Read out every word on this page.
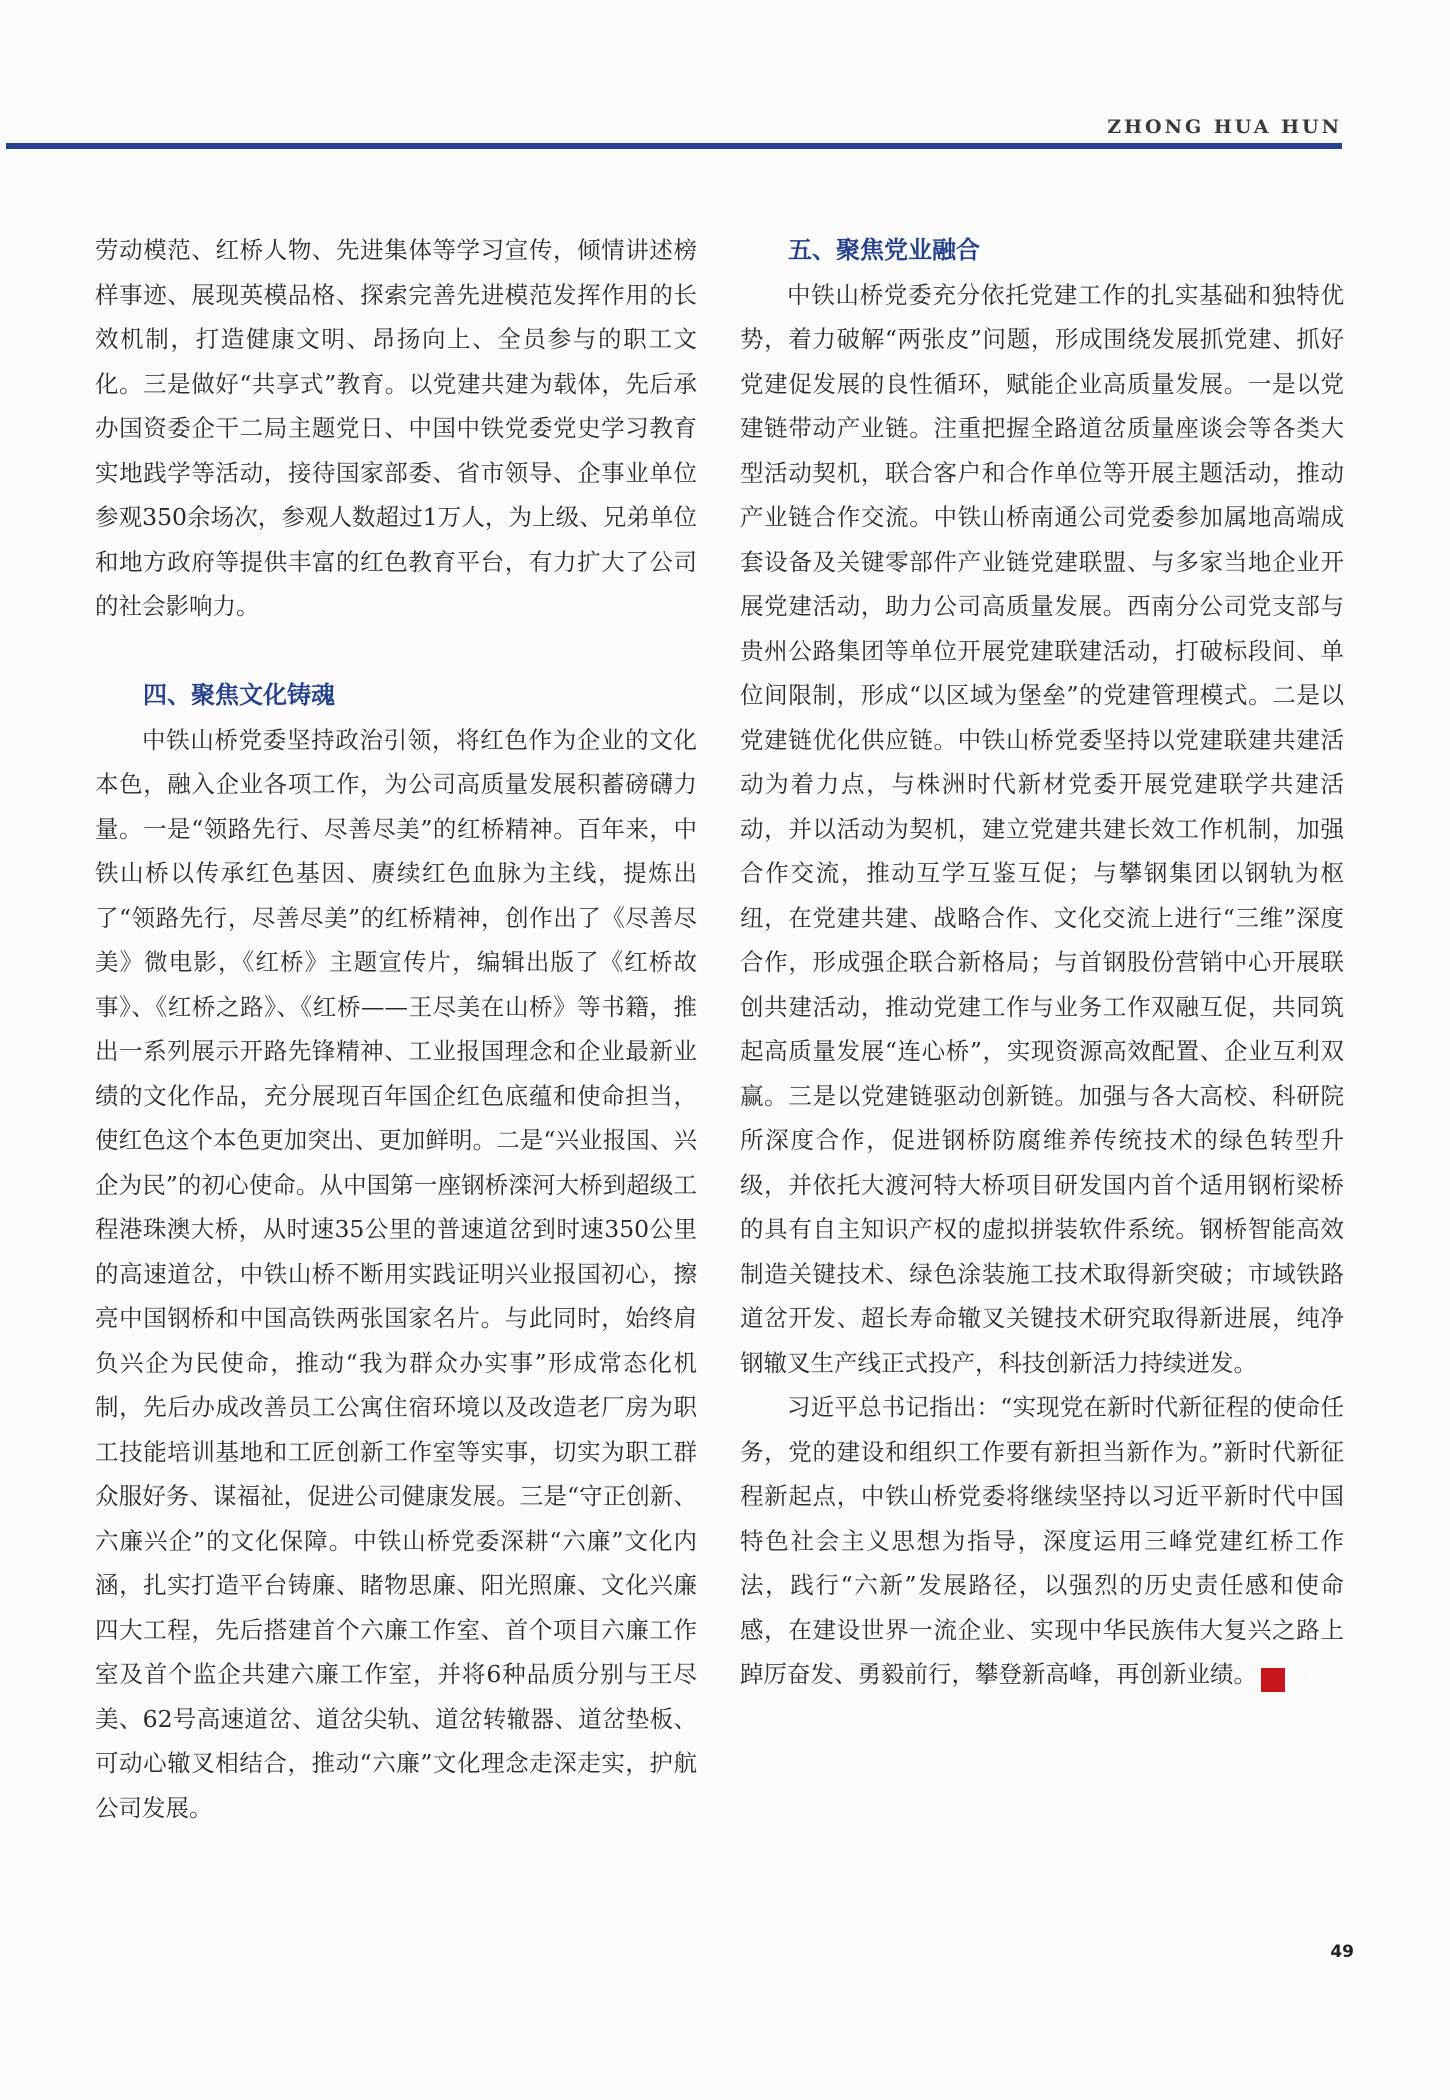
ZHONG HUA HUN

劳动模范、红桥人物、先进集体等学习宣传，倾情讲述榜样事迹、展现英模品格、探索完善先进模范发挥作用的长效机制，打造健康文明、昂扬向上、全员参与的职工文化。三是做好“共享式”教育。以党建共建为载体，先后承办国资委企干二局主题党日、中国中铁党委党史学习教育实地践学等活动，接待国家部委、省市领导、企事业单位参观350余场次，参观人数超过1万人，为上级、兄弟单位和地方政府等提供丰富的红色教育平台，有力扩大了公司的社会影响力。

四、聚焦文化铸魂

中铁山桥党委坚持政治引领，将红色作为企业的文化本色，融入企业各项工作，为公司高质量发展积蓄磅礴力量。一是“领路先行、尽善尽美”的红桥精神。百年来，中铁山桥以传承红色基因、赓续红色血脉为主线，提炼出了“领路先行，尽善尽美”的红桥精神，创作出了《尽善尽美》微电影，《红桥》主题宣传片，编辑出版了《红桥故事》、《红桥之路》、《红桥——王尽美在山桥》等书籍，推出一系列展示开路先锋精神、工业报国理念和企业最新业绩的文化作品，充分展现百年国企红色底蕴和使命担当，使红色这个本色更加突出、更加鲜明。二是“兴业报国、兴企为民”的初心使命。从中国第一座钢桥滦河大桥到超级工程港珠澳大桥，从时速35公里的普速道岔到时速350公里的高速道岔，中铁山桥不断用实践证明兴业报国初心，擦亮中国钢桥和中国高铁两张国家名片。与此同时，始终肩负兴企为民使命，推动“我为群众办实事”形成常态化机制，先后办成改善员工公寓住宿环境以及改造老厂房为职工技能培训基地和工匠创新工作室等实事，切实为职工群众服好务、谋福祉，促进公司健康发展。三是“守正创新、六廉兴企”的文化保障。中铁山桥党委深耕“六廉”文化内涵，扎实打造平台铸廉、睹物思廉、阳光照廉、文化兴廉四大工程，先后搭建首个六廉工作室、首个项目六廉工作室及首个监企共建六廉工作室，并将6种品质分别与王尽美、62号高速道岔、道岔尖轨、道岔转辙器、道岔垫板、可动心辙叉相结合，推动“六廉”文化理念走深走实，护航公司发展。

五、聚焦党业融合

中铁山桥党委充分依托党建工作的扎实基础和独特优势，着力破解“两张皮”问题，形成围绕发展抓党建、抓好党建促发展的良性循环，赋能企业高质量发展。一是以党建链带动产业链。注重把握全路道岔质量座谈会等各类大型活动契机，联合客户和合作单位等开展主题活动，推动产业链合作交流。中铁山桥南通公司党委参加属地高端成套设备及关键零部件产业链党建联盟、与多家当地企业开展党建活动，助力公司高质量发展。西南分公司党支部与贵州公路集团等单位开展党建联建活动，打破标段间、单位间限制，形成“以区域为堡垒”的党建管理模式。二是以党建链优化供应链。中铁山桥党委坚持以党建联建共建活动为着力点，与株洲时代新材党委开展党建联学共建活动，并以活动为契机，建立党建共建长效工作机制，加强合作交流，推动互学互鉴互促；与攀钢集团以钢轨为枢纽，在党建共建、战略合作、文化交流上进行“三维”深度合作，形成强企联合新格局；与首钢股份营销中心开展联创共建活动，推动党建工作与业务工作双融互促，共同筑起高质量发展“连心桥”，实现资源高效配置、企业互利双赢。三是以党建链驱动创新链。加强与各大高校、科研院所深度合作，促进钢桥防腐维养传统技术的绿色转型升级，并依托大渡河特大桥项目研发国内首个适用钢桁梁桥的具有自主知识产权的虚拟拼装软件系统。钢桥智能高效制造关键技术、绿色涂装施工技术取得新突破；市域铁路道岔开发、超长寿命辙叉关键技术研究取得新进展，纯净钢辙叉生产线正式投产，科技创新活力持续迸发。

习近平总书记指出：“实现党在新时代新征程的使命任务，党的建设和组织工作要有新担当新作为。”新时代新征程新起点，中铁山桥党委将继续坚持以习近平新时代中国特色社会主义思想为指导，深度运用三峰党建红桥工作法，践行“六新”发展路径，以强烈的历史责任感和使命感，在建设世界一流企业、实现中华民族伟大复兴之路上踔厉奋发、勇毅前行，攀登新高峰，再创新业绩。	中

49
